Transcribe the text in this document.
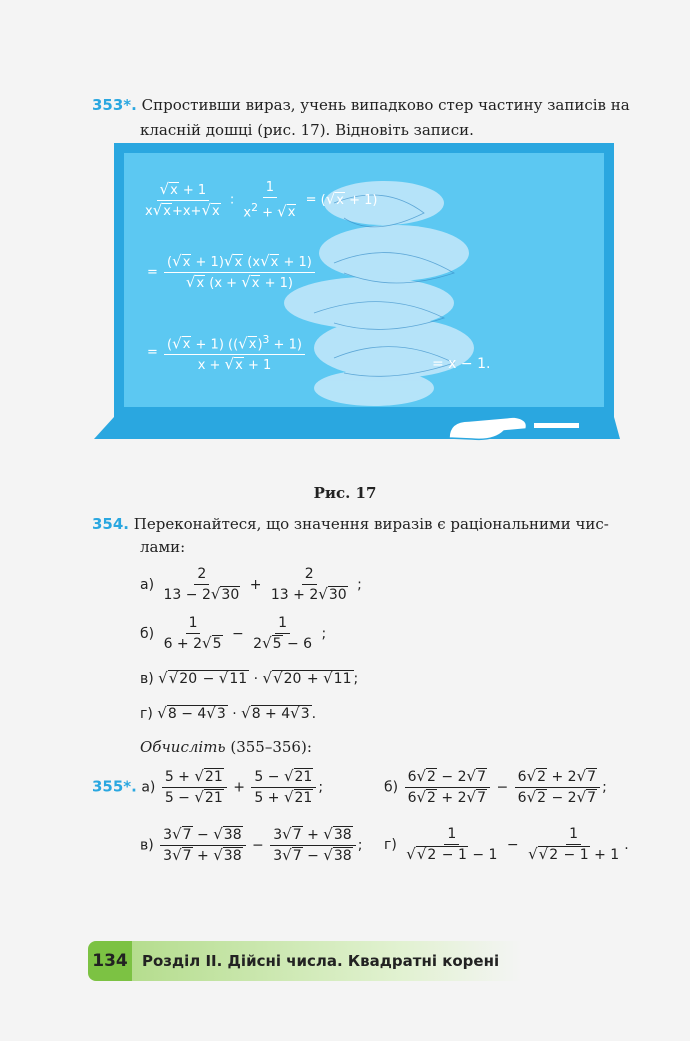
353*. Спростивши вираз, учень випадково стер частину записів на
класній дошці (рис. 17). Відновіть записи.
$\frac{√x + 1}{x√x+x+√x}$ : $\frac{1}{x^2 + √x} = (√x + 1)$
= $\frac{(√x + 1)√x (x√x + 1)}{√x (x + √x + 1)}$
= $\frac{(√x + 1) ((√x)^3 + 1)}{x + √x + 1}$	= x − 1.
Рис. 17
354. Переконайтеся, що значення виразів є раціональними чис-
лами:
$а) \frac{2}{13 - 2√30} + \frac{2}{13 + 2√30}$ ;
$б) \frac{1}{6 + 2√5} - \frac{1}{2√5 - 6}$ ;
в) √√20 − √11 · √√20 + √11 ;
г) √8 − 4√3 · √8 + 4√3 .
Обчисліть (355–356):
355*. $а) \frac{5 + √21}{5 - √21} + \frac{5 - √21}{5 + √21}$ ;	$б) \frac{6√2 - 2√7}{6√2 + 2√7} - \frac{6√2 + 2√7}{6√2 - 2√7}$ ;
$в) \frac{3√7 - √38}{3√7 + √38} - \frac{3√7 + √38}{3√7 - √38}$ ; $г) \frac{1}{√√2 - 1 - 1} - \frac{1}{√√2 - 1 + 1}$ .
134 Розділ ІІ. Дійсні числа. Квадратні корені
